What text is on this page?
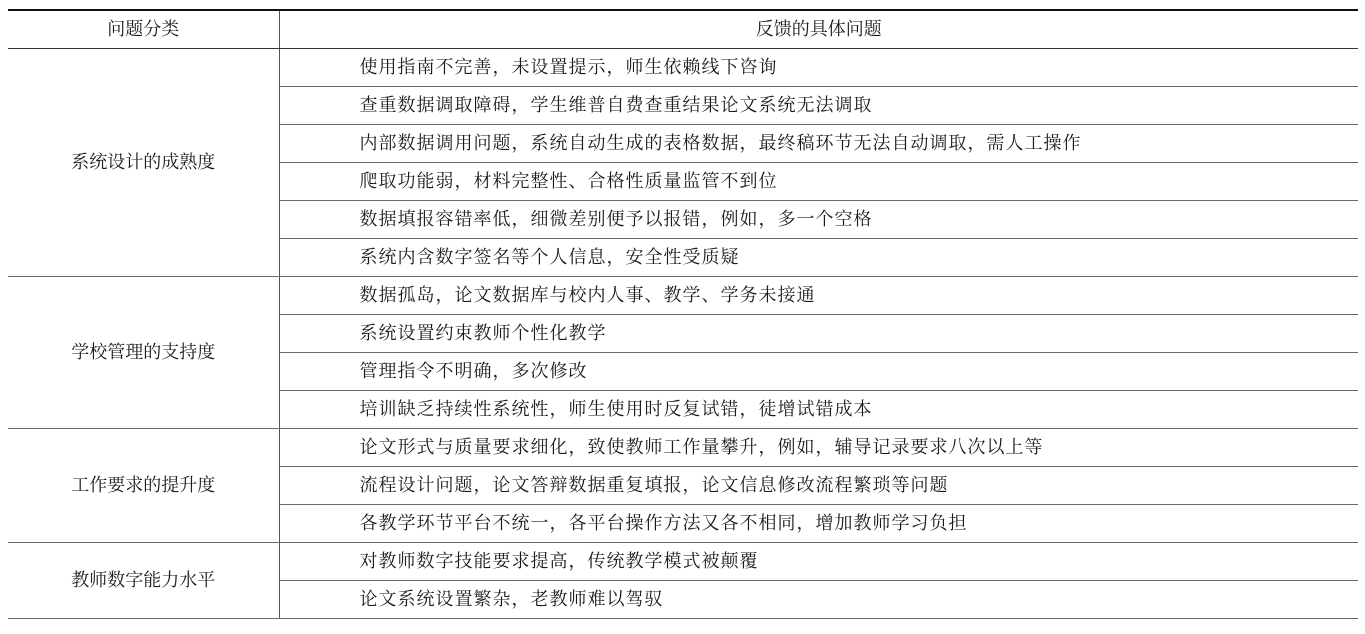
问题分类	反馈的具体问题
系统设计的成熟度	使用指南不完善，未设置提示，师生依赖线下咨询
	查重数据调取障碍，学生维普自费查重结果论文系统无法调取
	内部数据调用问题，系统自动生成的表格数据，最终稿环节无法自动调取，需人工操作
	爬取功能弱，材料完整性、合格性质量监管不到位
	数据填报容错率低，细微差别便予以报错，例如，多一个空格
	系统内含数字签名等个人信息，安全性受质疑
学校管理的支持度	数据孤岛，论文数据库与校内人事、教学、学务未接通
	系统设置约束教师个性化教学
	管理指令不明确，多次修改
	培训缺乏持续性系统性，师生使用时反复试错，徒增试错成本
工作要求的提升度	论文形式与质量要求细化，致使教师工作量攀升，例如，辅导记录要求八次以上等
	流程设计问题，论文答辩数据重复填报，论文信息修改流程繁琐等问题
	各教学环节平台不统一，各平台操作方法又各不相同，增加教师学习负担
教师数字能力水平	对教师数字技能要求提高，传统教学模式被颠覆
	论文系统设置繁杂，老教师难以驾驭
